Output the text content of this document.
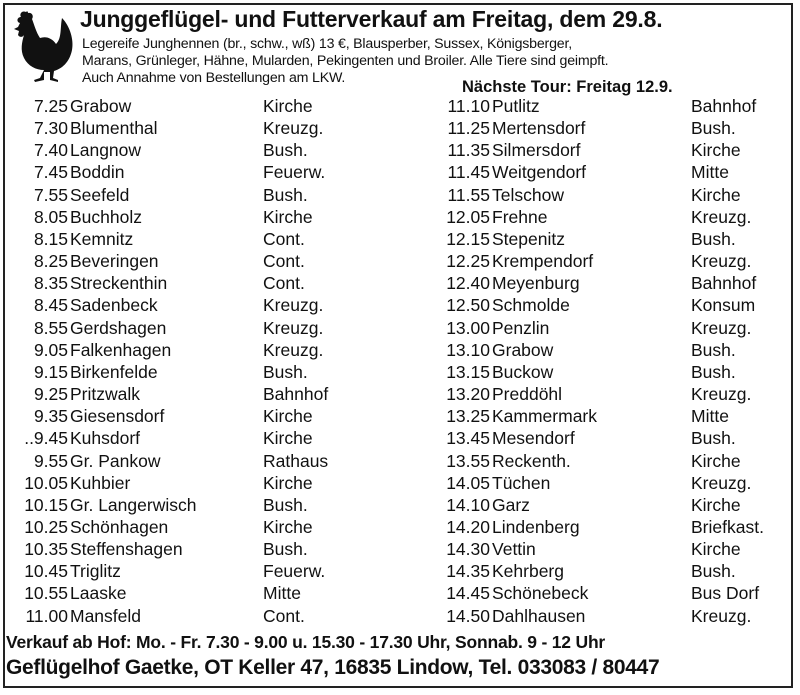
Junggeflügel- und Futterverkauf am Freitag, dem 29.8.
Legereife Junghennen (br., schw., wß) 13 €, Blausperber, Sussex, Königsberger,
Marans, Grünleger, Hähne, Mularden, Pekingenten und Broiler. Alle Tiere sind geimpft.
Auch Annahme von Bestellungen am LKW.	Nächste Tour: Freitag 12.9.
7.25 Grabow	Kirche
7.30 Blumenthal	Kreuzg.
7.40 Langnow	Bush.
7.45 Boddin	Feuerw.
7.55 Seefeld	Bush.
8.05 Buchholz	Kirche
8.15 Kemnitz	Cont.
8.25 Beveringen	Cont.
8.35 Streckenthin	Cont.
8.45 Sadenbeck	Kreuzg.
8.55 Gerdshagen	Kreuzg.
9.05 Falkenhagen	Kreuzg.
9.15 Birkenfelde	Bush.
9.25 Pritzwalk	Bahnhof
9.35 Giesensdorf	Kirche
..9.45 Kuhsdorf	Kirche
9.55 Gr. Pankow	Rathaus
10.05 Kuhbier	Kirche
10.15 Gr. Langerwisch	Bush.
10.25 Schönhagen	Kirche
10.35 Steffenshagen	Bush.
10.45 Triglitz	Feuerw.
10.55 Laaske	Mitte
11.00 Mansfeld	Cont.
11.10 Putlitz	Bahnhof
11.25 Mertensdorf	Bush.
11.35 Silmersdorf	Kirche
11.45 Weitgendorf	Mitte
11.55 Telschow	Kirche
12.05 Frehne	Kreuzg.
12.15 Stepenitz	Bush.
12.25 Krempendorf	Kreuzg.
12.40 Meyenburg	Bahnhof
12.50 Schmolde	Konsum
13.00 Penzlin	Kreuzg.
13.10 Grabow	Bush.
13.15 Buckow	Bush.
13.20 Preddöhl	Kreuzg.
13.25 Kammermark	Mitte
13.45 Mesendorf	Bush.
13.55 Reckenth.	Kirche
14.05 Tüchen	Kreuzg.
14.10 Garz	Kirche
14.20 Lindenberg	Briefkast.
14.30 Vettin	Kirche
14.35 Kehrberg	Bush.
14.45 Schönebeck	Bus Dorf
14.50 Dahlhausen	Kreuzg.
Verkauf ab Hof: Mo. - Fr. 7.30 - 9.00 u. 15.30 - 17.30 Uhr, Sonnab. 9 - 12 Uhr
Geflügelhof Gaetke, OT Keller 47, 16835 Lindow, Tel. 033083 / 80447
